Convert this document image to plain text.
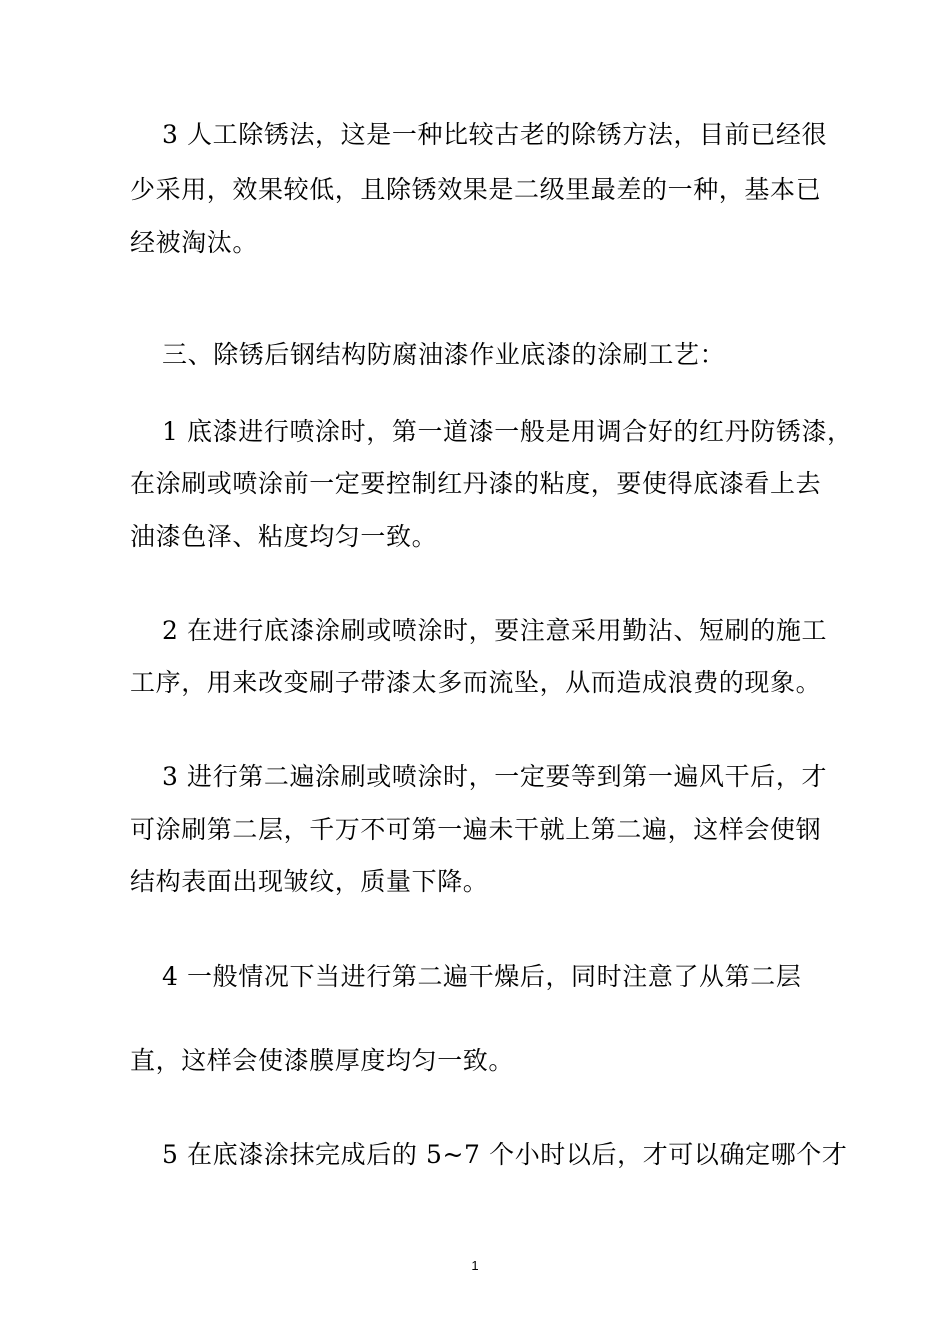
3 人工除锈法，这是一种比较古老的除锈方法，目前已经很
少采用，效果较低，且除锈效果是二级里最差的一种，基本已
经被淘汰。
三、除锈后钢结构防腐油漆作业底漆的涂刷工艺：
1 底漆进行喷涂时，第一道漆一般是用调合好的红丹防锈漆，
在涂刷或喷涂前一定要控制红丹漆的粘度，要使得底漆看上去
油漆色泽、粘度均匀一致。
2 在进行底漆涂刷或喷涂时，要注意采用勤沾、短刷的施工
工序，用来改变刷子带漆太多而流坠，从而造成浪费的现象。
3 进行第二遍涂刷或喷涂时，一定要等到第一遍风干后，才
可涂刷第二层，千万不可第一遍未干就上第二遍，这样会使钢
结构表面出现皱纹，质量下降。
4 一般情况下当进行第二遍干燥后，同时注意了从第二层
直，这样会使漆膜厚度均匀一致。
5 在底漆涂抹完成后的 5~7 个小时以后，才可以确定哪个才
1
